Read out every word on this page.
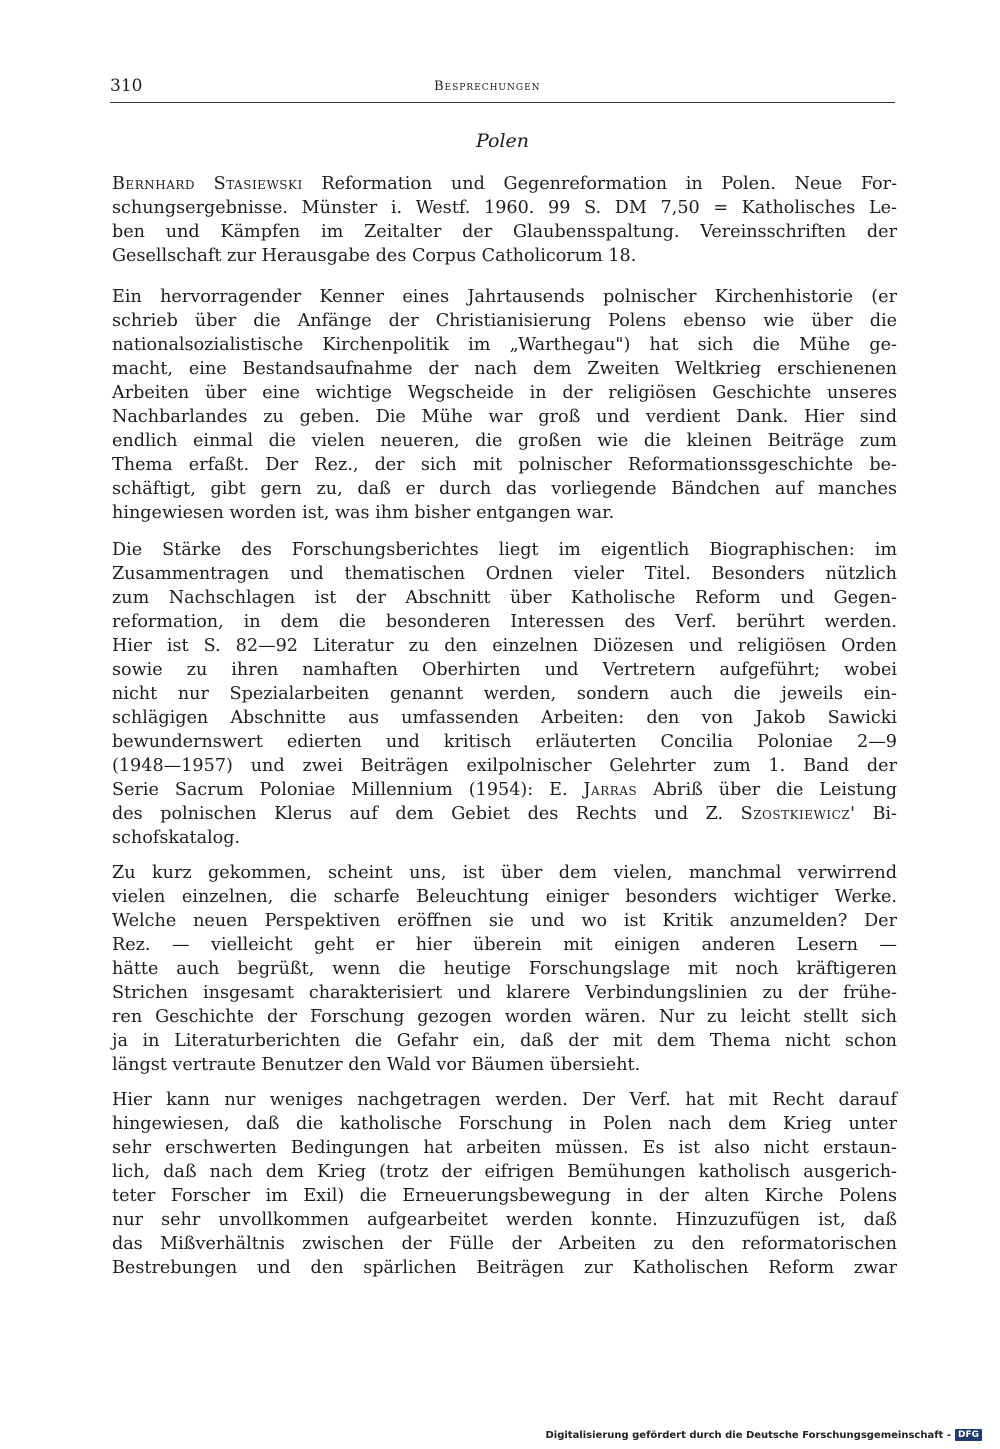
310	Besprechungen
Polen
Bernhard Stasiewski Reformation und Gegenreformation in Polen. Neue For-
schungsergebnisse. Münster i. Westf. 1960. 99 S. DM 7,50 = Katholisches Le-
ben und Kämpfen im Zeitalter der Glaubensspaltung. Vereinsschriften der
Gesellschaft zur Herausgabe des Corpus Catholicorum 18.
Ein hervorragender Kenner eines Jahrtausends polnischer Kirchenhistorie (er
schrieb über die Anfänge der Christianisierung Polens ebenso wie über die
nationalsozialistische Kirchenpolitik im „Warthegau") hat sich die Mühe ge-
macht, eine Bestandsaufnahme der nach dem Zweiten Weltkrieg erschienenen
Arbeiten über eine wichtige Wegscheide in der religiösen Geschichte unseres
Nachbarlandes zu geben. Die Mühe war groß und verdient Dank. Hier sind
endlich einmal die vielen neueren, die großen wie die kleinen Beiträge zum
Thema erfaßt. Der Rez., der sich mit polnischer Reformationssgeschichte be-
schäftigt, gibt gern zu, daß er durch das vorliegende Bändchen auf manches
hingewiesen worden ist, was ihm bisher entgangen war.
Die Stärke des Forschungsberichtes liegt im eigentlich Biographischen: im
Zusammentragen und thematischen Ordnen vieler Titel. Besonders nützlich
zum Nachschlagen ist der Abschnitt über Katholische Reform und Gegen-
reformation, in dem die besonderen Interessen des Verf. berührt werden.
Hier ist S. 82—92 Literatur zu den einzelnen Diözesen und religiösen Orden
sowie zu ihren namhaften Oberhirten und Vertretern aufgeführt; wobei
nicht nur Spezialarbeiten genannt werden, sondern auch die jeweils ein-
schlägigen Abschnitte aus umfassenden Arbeiten: den von Jakob Sawicki
bewundernswert edierten und kritisch erläuterten Concilia Poloniae 2—9
(1948—1957) und zwei Beiträgen exilpolnischer Gelehrter zum 1. Band der
Serie Sacrum Poloniae Millennium (1954): E. Jarras Abriß über die Leistung
des polnischen Klerus auf dem Gebiet des Rechts und Z. Szostkiewicz' Bi-
schofskatalog.
Zu kurz gekommen, scheint uns, ist über dem vielen, manchmal verwirrend
vielen einzelnen, die scharfe Beleuchtung einiger besonders wichtiger Werke.
Welche neuen Perspektiven eröffnen sie und wo ist Kritik anzumelden? Der
Rez. — vielleicht geht er hier überein mit einigen anderen Lesern —
hätte auch begrüßt, wenn die heutige Forschungslage mit noch kräftigeren
Strichen insgesamt charakterisiert und klarere Verbindungslinien zu der frühe-
ren Geschichte der Forschung gezogen worden wären. Nur zu leicht stellt sich
ja in Literaturberichten die Gefahr ein, daß der mit dem Thema nicht schon
längst vertraute Benutzer den Wald vor Bäumen übersieht.
Hier kann nur weniges nachgetragen werden. Der Verf. hat mit Recht darauf
hingewiesen, daß die katholische Forschung in Polen nach dem Krieg unter
sehr erschwerten Bedingungen hat arbeiten müssen. Es ist also nicht erstaun-
lich, daß nach dem Krieg (trotz der eifrigen Bemühungen katholisch ausgerich-
teter Forscher im Exil) die Erneuerungsbewegung in der alten Kirche Polens
nur sehr unvollkommen aufgearbeitet werden konnte. Hinzuzufügen ist, daß
das Mißverhältnis zwischen der Fülle der Arbeiten zu den reformatorischen
Bestrebungen und den spärlichen Beiträgen zur Katholischen Reform zwar
Digitalisierung gefördert durch die Deutsche Forschungsgemeinschaft - DFG
